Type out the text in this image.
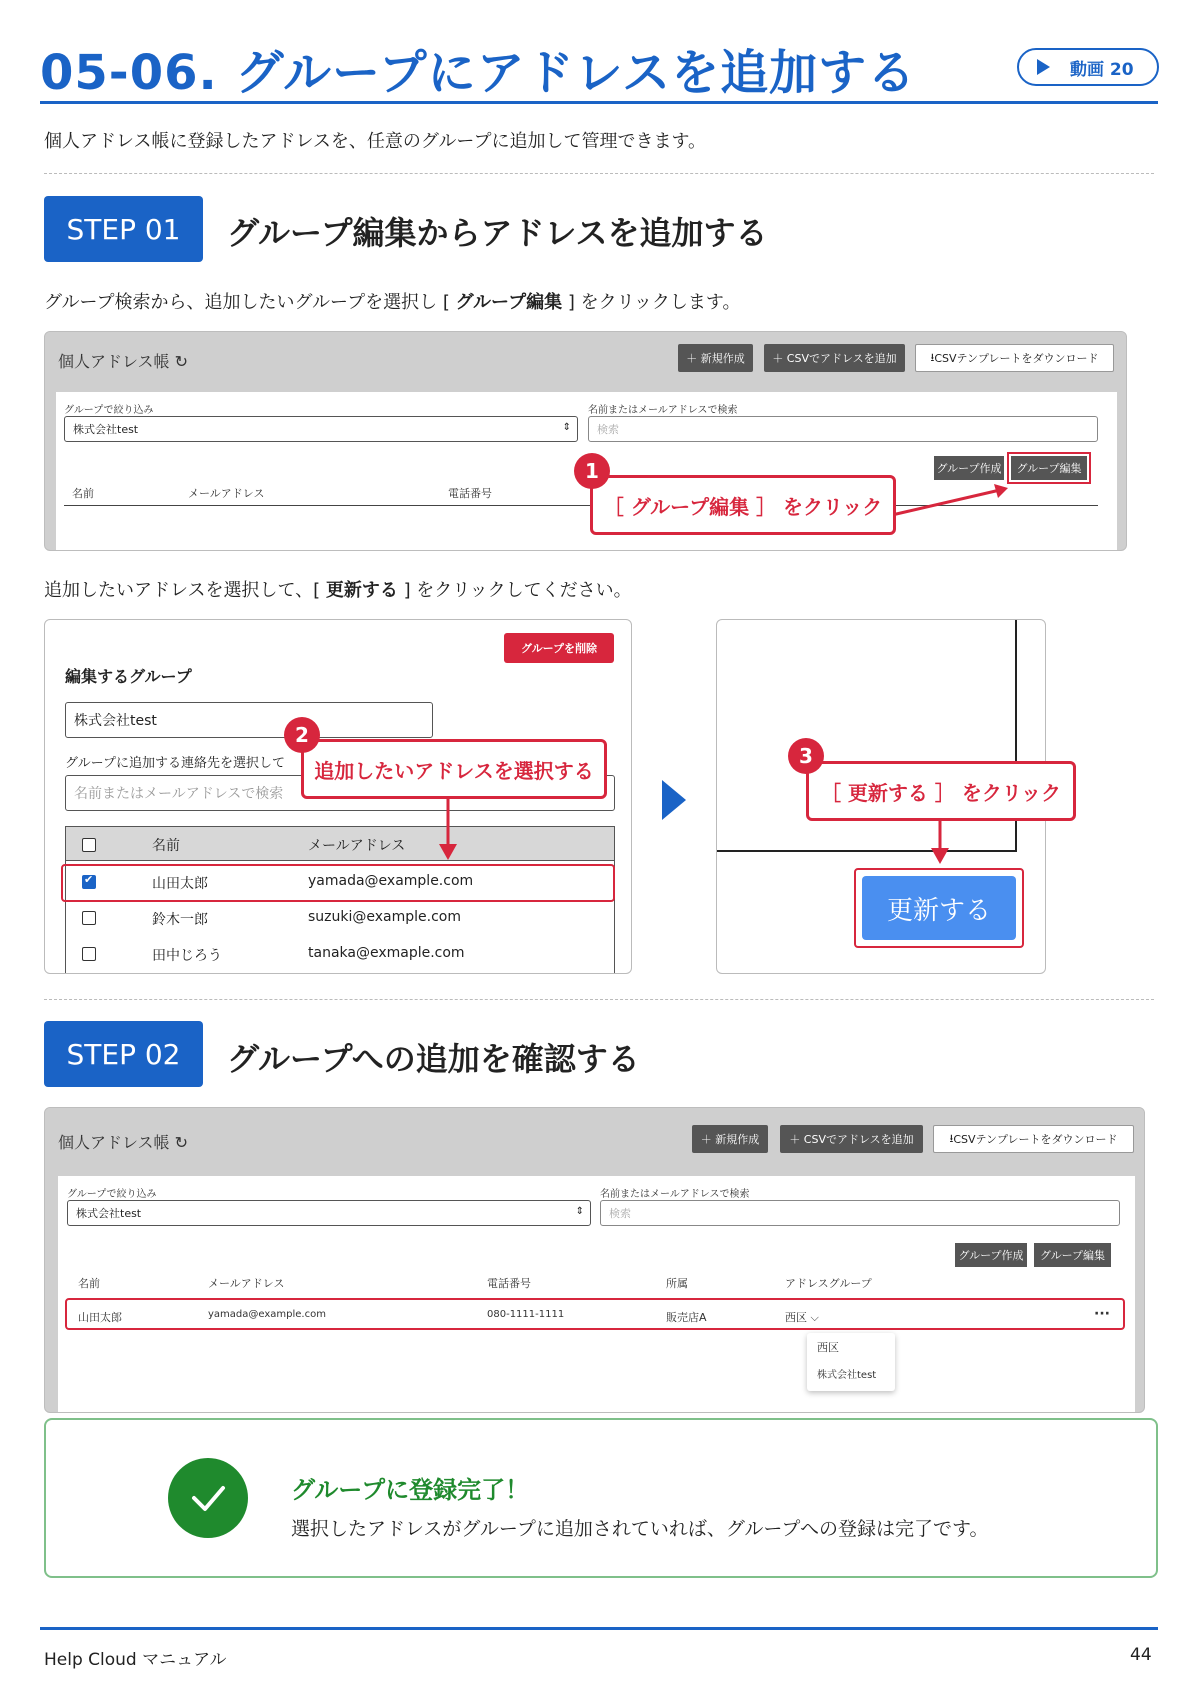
05-06. グループにアドレスを追加する	動画 20
個人アドレス帳に登録したアドレスを、任意のグループに追加して管理できます。
STEP 01	グループ編集からアドレスを追加する
グループ検索から、追加したいグループを選択し [ グループ編集 ] をクリックします。
個人アドレス帳 ↻	＋ 新規作成	＋ CSVでアドレスを追加	⭳ CSVテンプレートをダウンロード
グループで絞り込み
株式会社test	⇕
名前またはメールアドレスで検索
検索
グループ作成	グループ編集
名前	メールアドレス	電話番号
［ グループ編集 ］ をクリック
1
追加したいアドレスを選択して、[ 更新する ] をクリックしてください。
グループを削除
編集するグループ
株式会社test
グループに追加する連絡先を選択して
名前またはメールアドレスで検索
名前	メールアドレス
✔	山田太郎	yamada@example.com
鈴木一郎	suzuki@example.com
田中じろう	tanaka@exmaple.com
追加したいアドレスを選択する
2
更新する
［ 更新する ］ をクリック
3
STEP 02	グループへの追加を確認する
個人アドレス帳 ↻	＋ 新規作成	＋ CSVでアドレスを追加	⭳ CSVテンプレートをダウンロード
グループで絞り込み
株式会社test	⇕
名前またはメールアドレスで検索
検索
グループ作成	グループ編集
名前	メールアドレス	電話番号	所属	アドレスグループ
山田太郎	yamada@example.com	080-1111-1111	販売店A	西区 ⌵	···
西区
株式会社test
グループに登録完了！
選択したアドレスがグループに追加されていれば、グループへの登録は完了です。
Help Cloud マニュアル	44
